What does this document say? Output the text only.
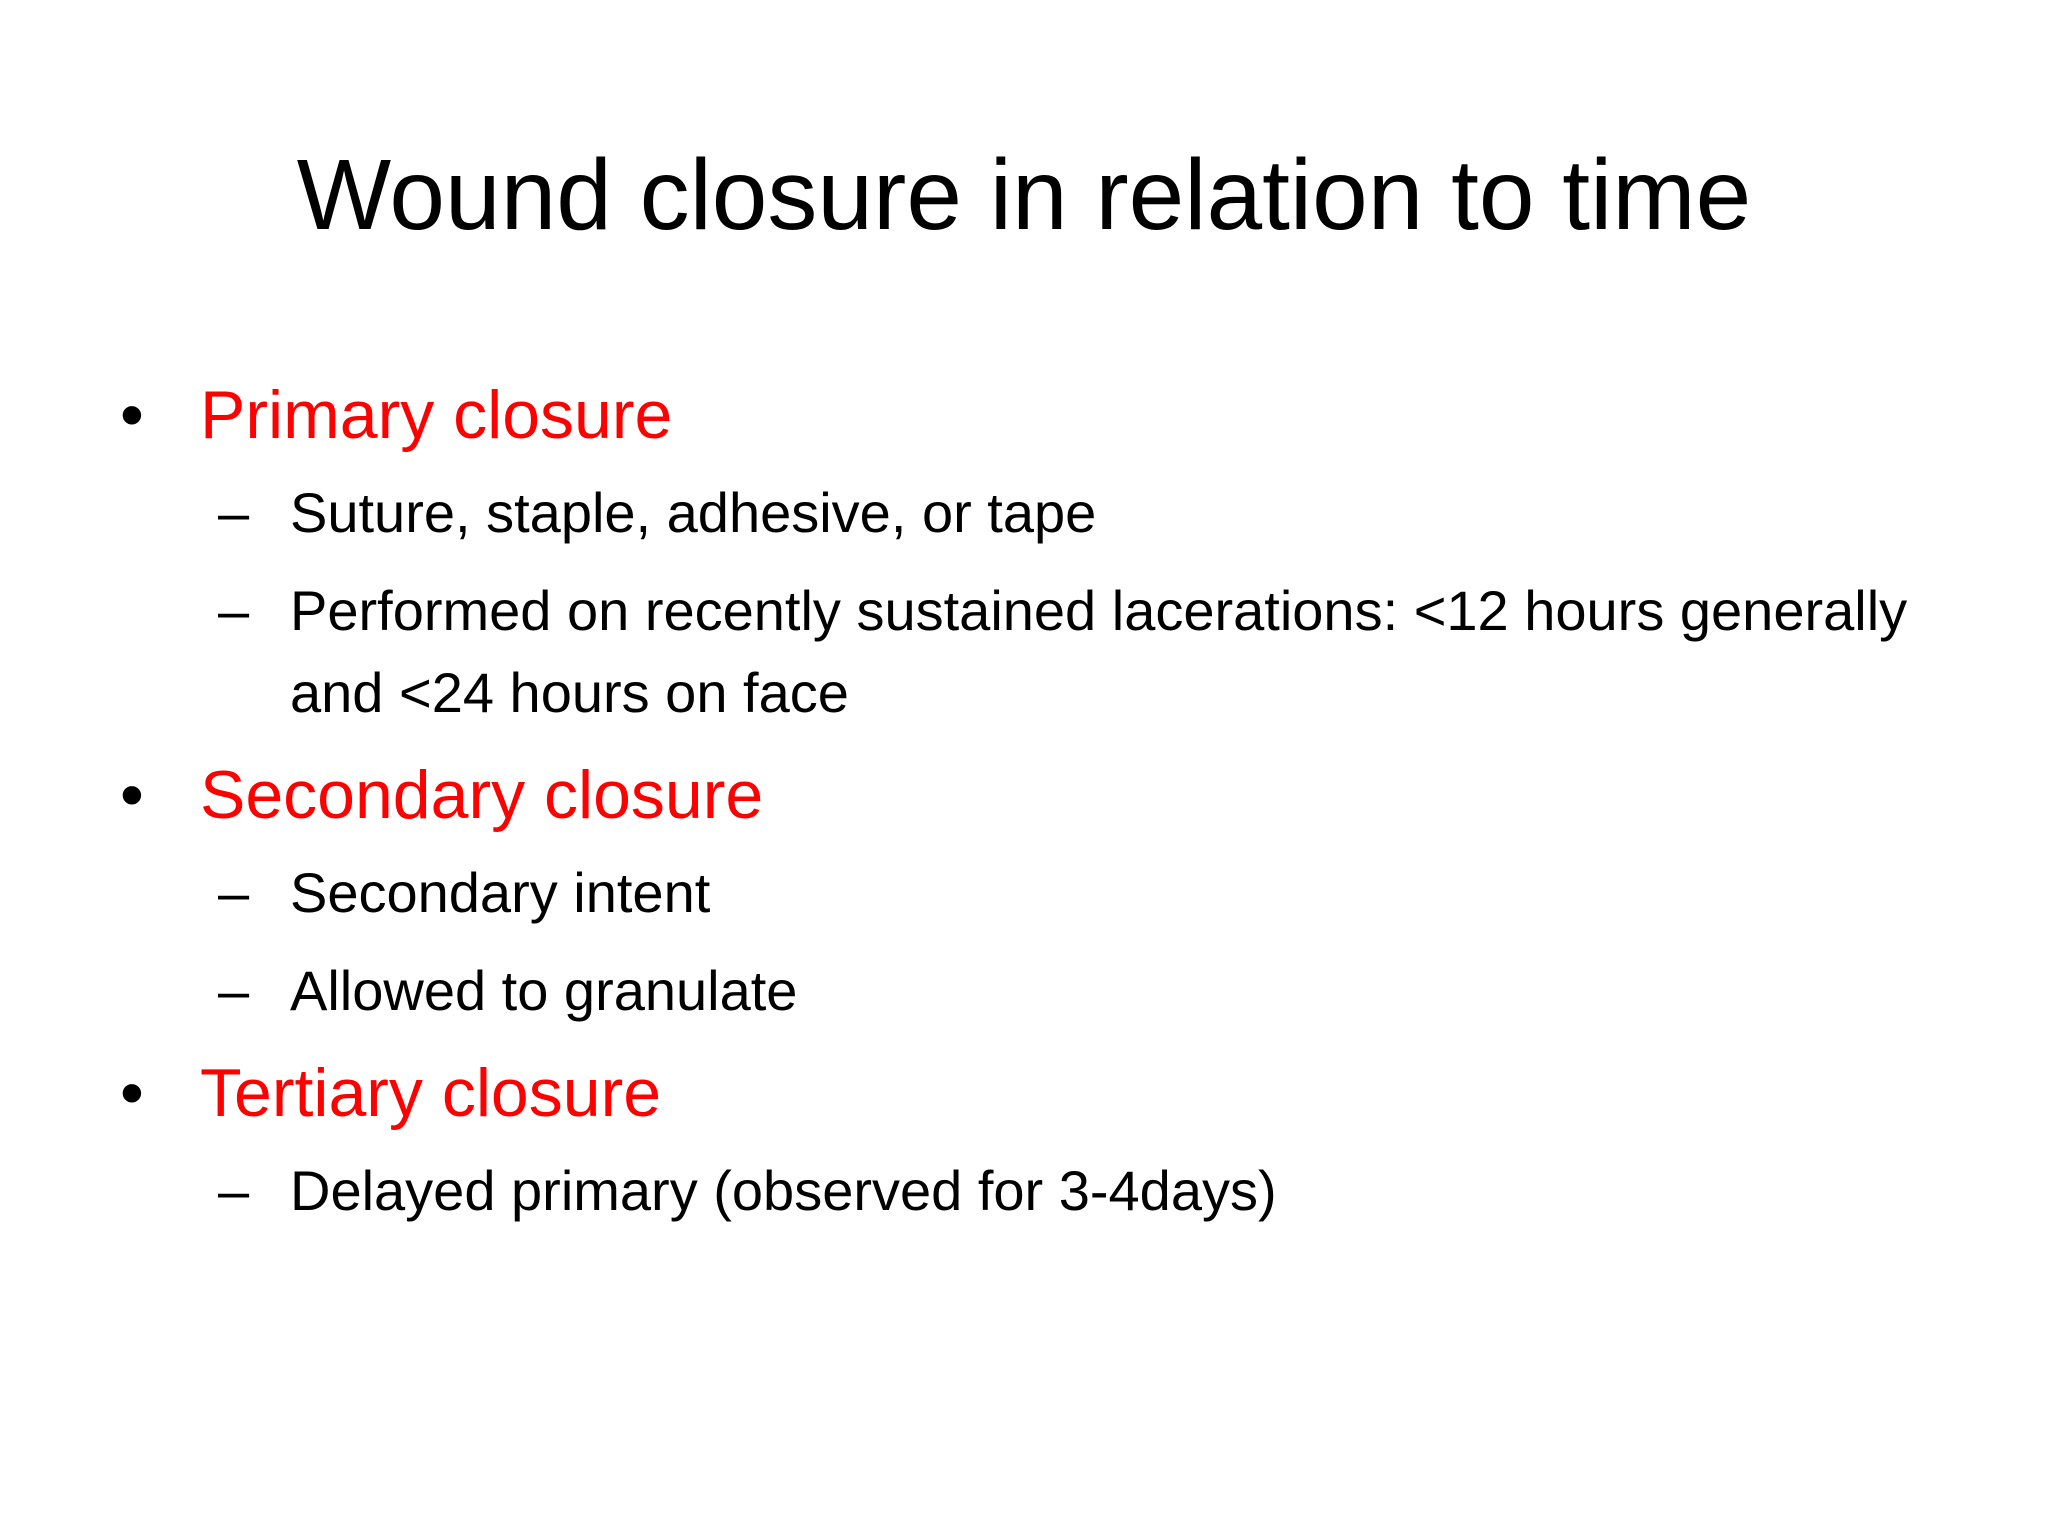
Wound closure in relation to time
• Primary closure
– Suture, staple, adhesive, or tape
– Performed on recently sustained lacerations: <12 hours generally and <24 hours on face
• Secondary closure
– Secondary intent
– Allowed to granulate
• Tertiary closure
– Delayed primary (observed for 3-4days)
